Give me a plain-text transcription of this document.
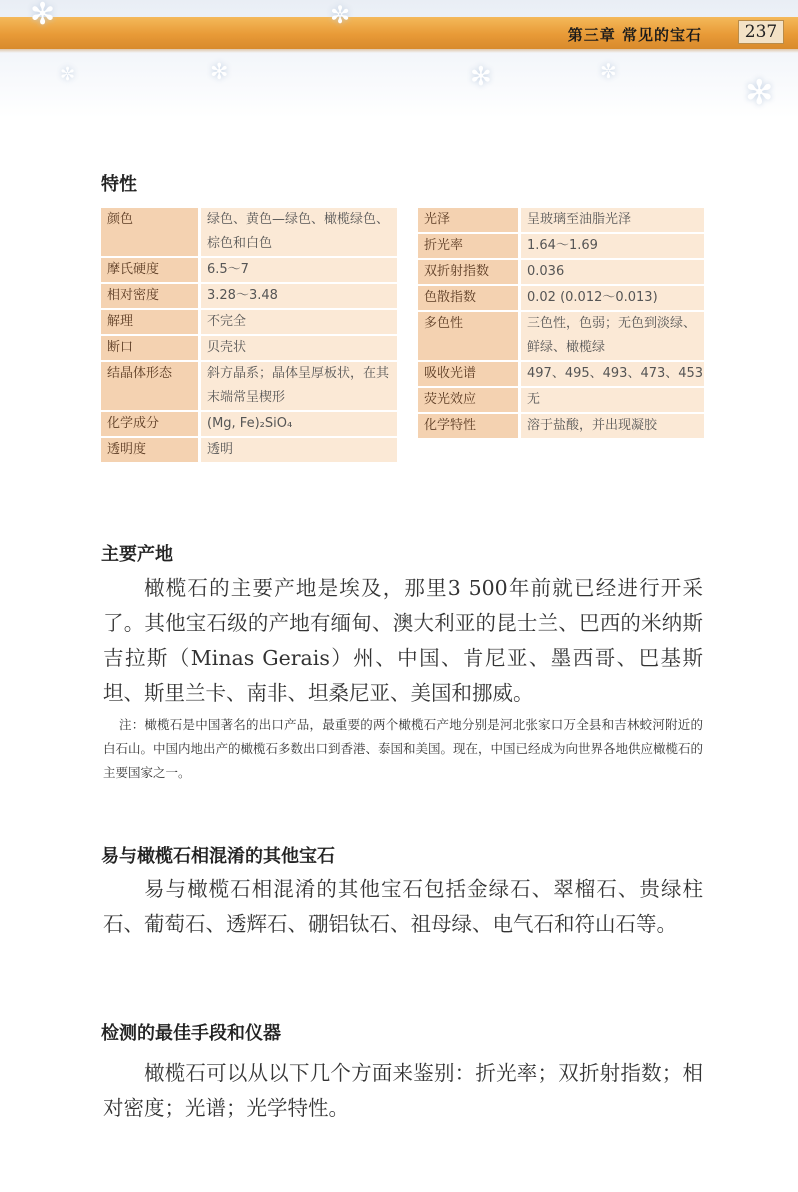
✻
✻
✼
✻	✼
✻
✼
第三章 常见的宝石	237
特性
颜色	绿色、黄色—绿色、橄榄绿色、棕色和白色
摩氏硬度	6.5～7
相对密度	3.28～3.48
解理	不完全
断口	贝壳状
结晶体形态	斜方晶系；晶体呈厚板状，在其末端常呈楔形
化学成分	(Mg, Fe)₂SiO₄
透明度	透明
光泽	呈玻璃至油脂光泽
折光率	1.64～1.69
双折射指数	0.036
色散指数	0.02 (0.012～0.013)
多色性	三色性，色弱；无色到淡绿、鲜绿、橄榄绿
吸收光谱	497、495、493、473、453
荧光效应	无
化学特性	溶于盐酸，并出现凝胶
主要产地

橄榄石的主要产地是埃及，那里3 500年前就已经进行开采了。其他宝石级的产地有缅甸、澳大利亚的昆士兰、巴西的米纳斯吉拉斯（Minas Gerais）州、中国、肯尼亚、墨西哥、巴基斯坦、斯里兰卡、南非、坦桑尼亚、美国和挪威。

注：橄榄石是中国著名的出口产品，最重要的两个橄榄石产地分别是河北张家口万全县和吉林蛟河附近的白石山。中国内地出产的橄榄石多数出口到香港、泰国和美国。现在，中国已经成为向世界各地供应橄榄石的主要国家之一。

易与橄榄石相混淆的其他宝石

易与橄榄石相混淆的其他宝石包括金绿石、翠榴石、贵绿柱石、葡萄石、透辉石、硼铝钛石、祖母绿、电气石和符山石等。

检测的最佳手段和仪器

橄榄石可以从以下几个方面来鉴别：折光率；双折射指数；相对密度；光谱；光学特性。
